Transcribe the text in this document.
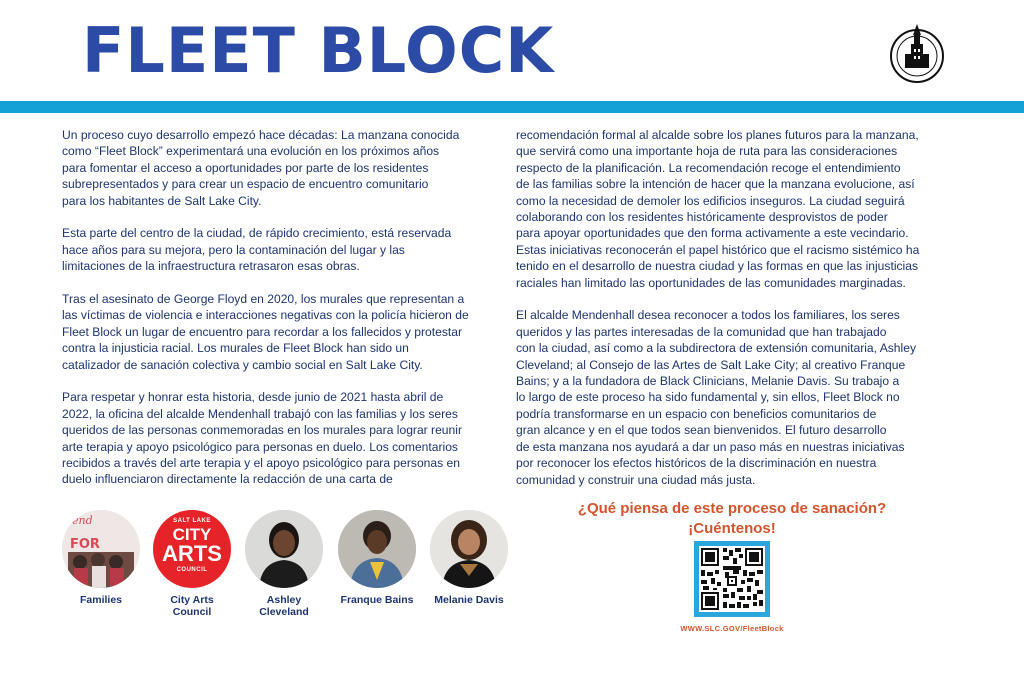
FLEET BLOCK

Un proceso cuyo desarrollo empezó hace décadas: La manzana conocida
como “Fleet Block” experimentará una evolución en los próximos años
para fomentar el acceso a oportunidades por parte de los residentes
subrepresentados y para crear un espacio de encuentro comunitario
para los habitantes de Salt Lake City.

Esta parte del centro de la ciudad, de rápido crecimiento, está reservada
hace años para su mejora, pero la contaminación del lugar y las
limitaciones de la infraestructura retrasaron esas obras.

Tras el asesinato de George Floyd en 2020, los murales que representan a
las víctimas de violencia e interacciones negativas con la policía hicieron de
Fleet Block un lugar de encuentro para recordar a los fallecidos y protestar
contra la injusticia racial. Los murales de Fleet Block han sido un
catalizador de sanación colectiva y cambio social en Salt Lake City.

Para respetar y honrar esta historia, desde junio de 2021 hasta abril de
2022, la oficina del alcalde Mendenhall trabajó con las familias y los seres
queridos de las personas conmemoradas en los murales para lograr reunir
arte terapia y apoyo psicológico para personas en duelo. Los comentarios
recibidos a través del arte terapia y el apoyo psicológico para personas en
duelo influenciaron directamente la redacción de una carta de

recomendación formal al alcalde sobre los planes futuros para la manzana,
que servirá como una importante hoja de ruta para las consideraciones
respecto de la planificación. La recomendación recoge el entendimiento
de las familias sobre la intención de hacer que la manzana evolucione, así
como la necesidad de demoler los edificios inseguros. La ciudad seguirá
colaborando con los residentes históricamente desprovistos de poder
para apoyar oportunidades que den forma activamente a este vecindario.
Estas iniciativas reconocerán el papel histórico que el racismo sistémico ha
tenido en el desarrollo de nuestra ciudad y las formas en que las injusticias
raciales han limitado las oportunidades de las comunidades marginadas.

El alcalde Mendenhall desea reconocer a todos los familiares, los seres
queridos y las partes interesadas de la comunidad que han trabajado
con la ciudad, así como a la subdirectora de extensión comunitaria, Ashley
Cleveland; al Consejo de las Artes de Salt Lake City; al creativo Franque
Bains; y a la fundadora de Black Clinicians, Melanie Davis. Su trabajo a
lo largo de este proceso ha sido fundamental y, sin ellos, Fleet Block no
podría transformarse en un espacio con beneficios comunitarios de
gran alcance y en el que todos sean bienvenidos. El futuro desarrollo
de esta manzana nos ayudará a dar un paso más en nuestras iniciativas
por reconocer los efectos históricos de la discriminación en nuestra
comunidad y construir una ciudad más justa.

end
FOR
Families
SALT LAKE
CITY
ARTS
COUNCIL
City Arts
Council
Ashley
Cleveland
Franque Bains	Melanie Davis
¿Qué piensa de este proceso de sanación?
¡Cuéntenos!
WWW.SLC.GOV/FleetBlock
